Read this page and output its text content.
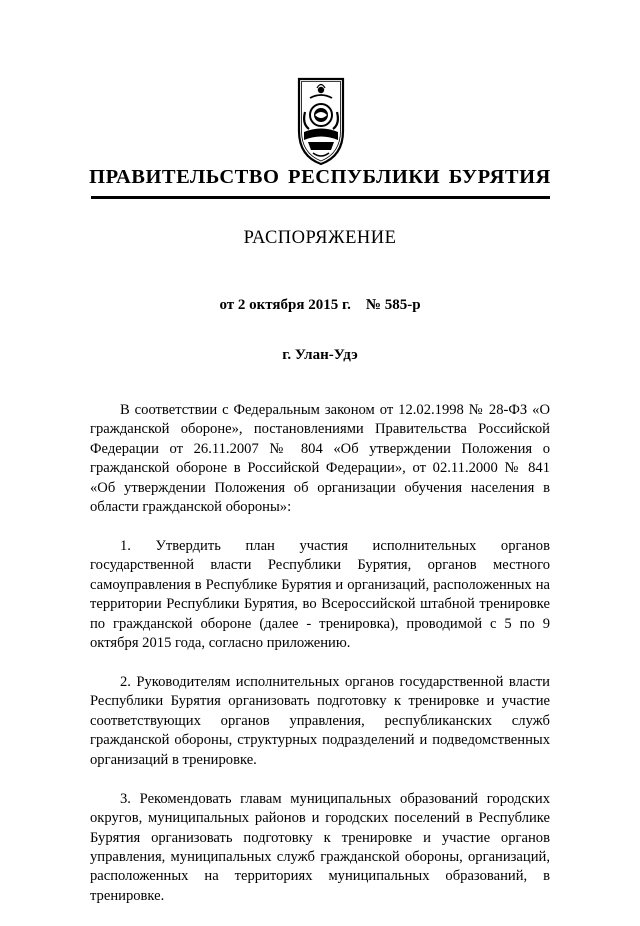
ПРАВИТЕЛЬСТВО РЕСПУБЛИКИ БУРЯТИЯ
РАСПОРЯЖЕНИЕ
от 2 октября 2015 г.    № 585-р
г. Улан-Удэ

В соответствии с Федеральным законом от 12.02.1998 № 28-ФЗ «О гражданской обороне», постановлениями Правительства Российской Федерации от 26.11.2007 № 804 «Об утверждении Положения о гражданской обороне в Российской Федерации», от 02.11.2000 № 841 «Об утверждении Положения об организации обучения населения в области гражданской обороны»:

1. Утвердить план участия исполнительных органов государственной власти Республики Бурятия, органов местного самоуправления в Республике Бурятия и организаций, расположенных на территории Республики Бурятия, во Всероссийской штабной тренировке по гражданской обороне (далее - тренировка), проводимой с 5 по 9 октября 2015 года, согласно приложению.

2. Руководителям исполнительных органов государственной власти Республики Бурятия организовать подготовку к тренировке и участие соответствующих органов управления, республиканских служб гражданской обороны, структурных подразделений и подведомственных организаций в тренировке.

3. Рекомендовать главам муниципальных образований городских округов, муниципальных районов и городских поселений в Республике Бурятия организовать подготовку к тренировке и участие органов управления, муниципальных служб гражданской обороны, организаций, расположенных на территориях муниципальных образований, в тренировке.
